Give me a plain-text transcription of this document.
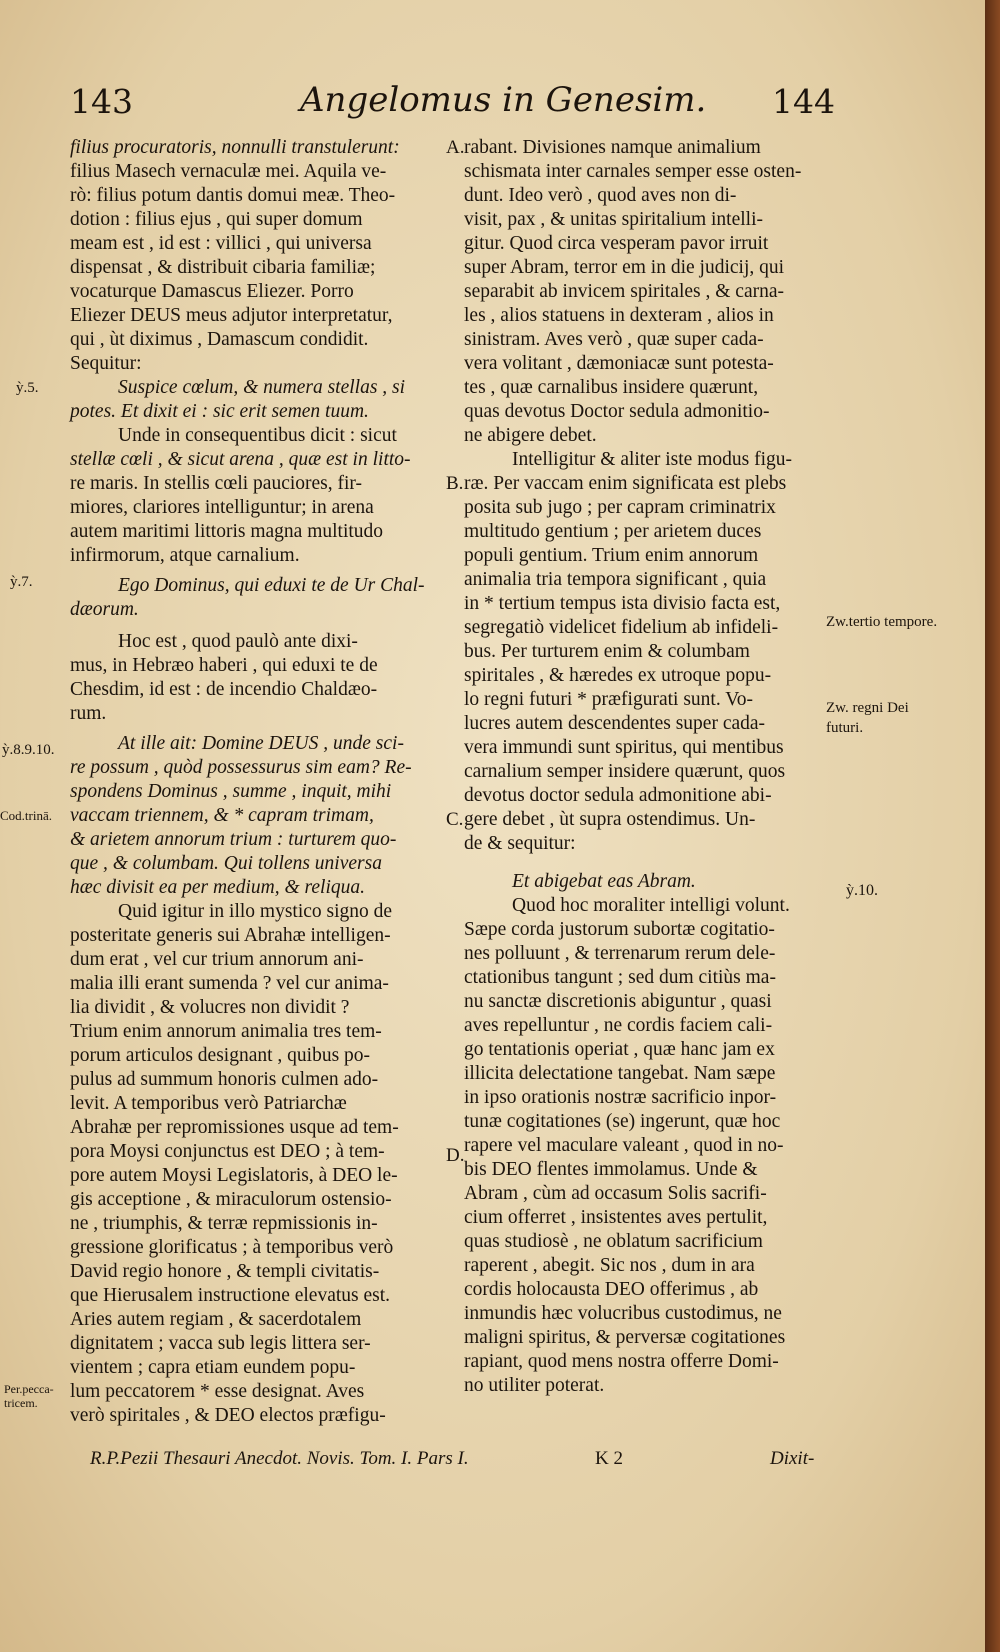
143	Angelomus in Genesim. 144
filius procuratoris, nonnulli transtulerunt:
filius Masech vernaculæ mei. Aquila ve-
rò: filius potum dantis domui meæ. Theo-
dotion : filius ejus , qui super domum
meam est , id est : villici , qui universa
dispensat , & distribuit cibaria familiæ;
vocaturque Damascus Eliezer. Porro
Eliezer DEUS meus adjutor interpretatur,
qui , ùt diximus , Damascum condidit.
Sequitur:
Suspice cœlum, & numera stellas , si
potes. Et dixit ei : sic erit semen tuum.
Unde in consequentibus dicit : sicut
stellæ cœli , & sicut arena , quæ est in litto-
re maris. In stellis cœli pauciores, fir-
miores, clariores intelliguntur; in arena
autem maritimi littoris magna multitudo
infirmorum, atque carnalium.
Ego Dominus, qui eduxi te de Ur Chal-
dæorum.
Hoc est , quod paulò ante dixi-
mus, in Hebræo haberi , qui eduxi te de
Chesdim, id est : de incendio Chaldæo-
rum.
At ille ait: Domine DEUS , unde sci-
re possum , quòd possessurus sim eam? Re-
spondens Dominus , summe , inquit, mihi
vaccam triennem, & * capram trimam,
& arietem annorum trium : turturem quo-
que , & columbam. Qui tollens universa
hæc divisit ea per medium, & reliqua.
Quid igitur in illo mystico signo de
posteritate generis sui Abrahæ intelligen-
dum erat , vel cur trium annorum ani-
malia illi erant sumenda ? vel cur anima-
lia dividit , & volucres non dividit ?
Trium enim annorum animalia tres tem-
porum articulos designant , quibus po-
pulus ad summum honoris culmen ado-
levit. A temporibus verò Patriarchæ
Abrahæ per repromissiones usque ad tem-
pora Moysi conjunctus est DEO ; à tem-
pore autem Moysi Legislatoris, à DEO le-
gis acceptione , & miraculorum ostensio-
ne , triumphis, & terræ repmissionis in-
gressione glorificatus ; à temporibus verò
David regio honore , & templi civitatis-
que Hierusalem instructione elevatus est.
Aries autem regiam , & sacerdotalem
dignitatem ; vacca sub legis littera ser-
vientem ; capra etiam eundem popu-
lum peccatorem * esse designat. Aves
verò spiritales , & DEO electos præfigu-
rabant. Divisiones namque animalium
schismata inter carnales semper esse osten-
dunt. Ideo verò , quod aves non di-
visit, pax , & unitas spiritalium intelli-
gitur. Quod circa vesperam pavor irruit
super Abram, terror em in die judicij, qui
separabit ab invicem spiritales , & carna-
les , alios statuens in dexteram , alios in
sinistram. Aves verò , quæ super cada-
vera volitant , dæmoniacæ sunt potesta-
tes , quæ carnalibus insidere quærunt,
quas devotus Doctor sedula admonitio-
ne abigere debet.
Intelligitur & aliter iste modus figu-
ræ. Per vaccam enim significata est plebs
posita sub jugo ; per capram criminatrix
multitudo gentium ; per arietem duces
populi gentium. Trium enim annorum
animalia tria tempora significant , quia
in * tertium tempus ista divisio facta est,
segregatiò videlicet fidelium ab infideli-
bus. Per turturem enim & columbam
spiritales , & hæredes ex utroque popu-
lo regni futuri * præfigurati sunt. Vo-
lucres autem descendentes super cada-
vera immundi sunt spiritus, qui mentibus
carnalium semper insidere quærunt, quos
devotus doctor sedula admonitione abi-
gere debet , ùt supra ostendimus. Un-
de & sequitur:
Et abigebat eas Abram.
Quod hoc moraliter intelligi volunt.
Sæpe corda justorum subortæ cogitatio-
nes polluunt , & terrenarum rerum dele-
ctationibus tangunt ; sed dum citiùs ma-
nu sanctæ discretionis abiguntur , quasi
aves repelluntur , ne cordis faciem cali-
go tentationis operiat , quæ hanc jam ex
illicita delectatione tangebat. Nam sæpe
in ipso orationis nostræ sacrificio inpor-
tunæ cogitationes (se) ingerunt, quæ hoc
rapere vel maculare valeant , quod in no-
bis DEO flentes immolamus. Unde &
Abram , cùm ad occasum Solis sacrifi-
cium offerret , insistentes aves pertulit,
quas studiosè , ne oblatum sacrificium
raperent , abegit. Sic nos , dum in ara
cordis holocausta DEO offerimus , ab
inmundis hæc volucribus custodimus, ne
maligni spiritus, & perversæ cogitationes
rapiant, quod mens nostra offerre Domi-
no utiliter poterat.
A.
B.
C.
D.
ỳ.5.
ỳ.7.
ỳ.8.9.10.
Cod.trinā.
Per.pecca-tricem.
ỳ.10.
Zw.tertio tempore.
Zw. regni Dei futuri.
R.P.Pezii Thesauri Anecdot. Novis. Tom. I. Pars I.	K 2	Dixit-
